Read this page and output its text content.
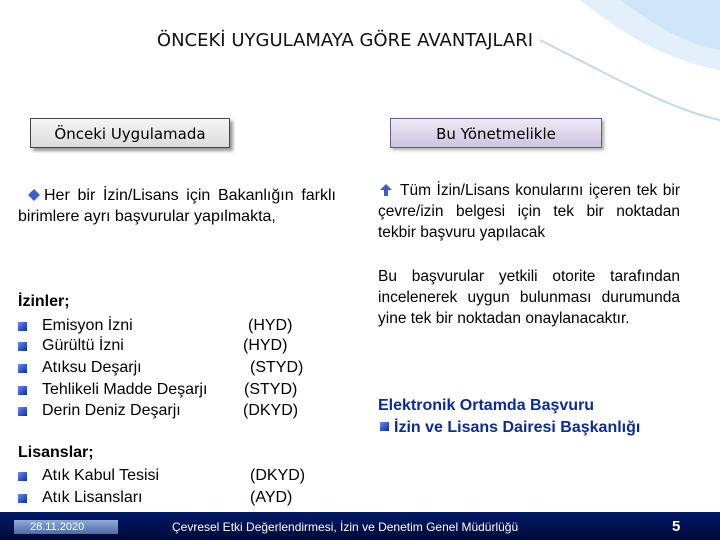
ÖNCEKİ UYGULAMAYA GÖRE AVANTAJLARI
Önceki Uygulamada	Bu Yönetmelikle
Her bir İzin/Lisans için Bakanlığın farklı birimlere ayrı başvurular yapılmakta,
İzinler;
Emisyon İzni	(HYD)
Gürültü İzni	(HYD)
Atıksu Deşarjı	(STYD)
Tehlikeli Madde Deşarjı (STYD)
Derin Deniz Deşarjı	(DKYD)
Lisanslar;
Atık Kabul Tesisi	(DKYD)
Atık Lisansları	(AYD)
Tüm İzin/Lisans konularını içeren tek bir çevre/izin belgesi için tek bir noktadan tekbir başvuru yapılacak
Bu başvurular yetkili otorite tarafından incelenerek uygun bulunması durumunda yine tek bir noktadan onaylanacaktır.
Elektronik Ortamda Başvuru
İzin ve Lisans Dairesi Başkanlığı
28.11.2020	Çevresel Etki Değerlendirmesi, İzin ve Denetim Genel Müdürlüğü	5
